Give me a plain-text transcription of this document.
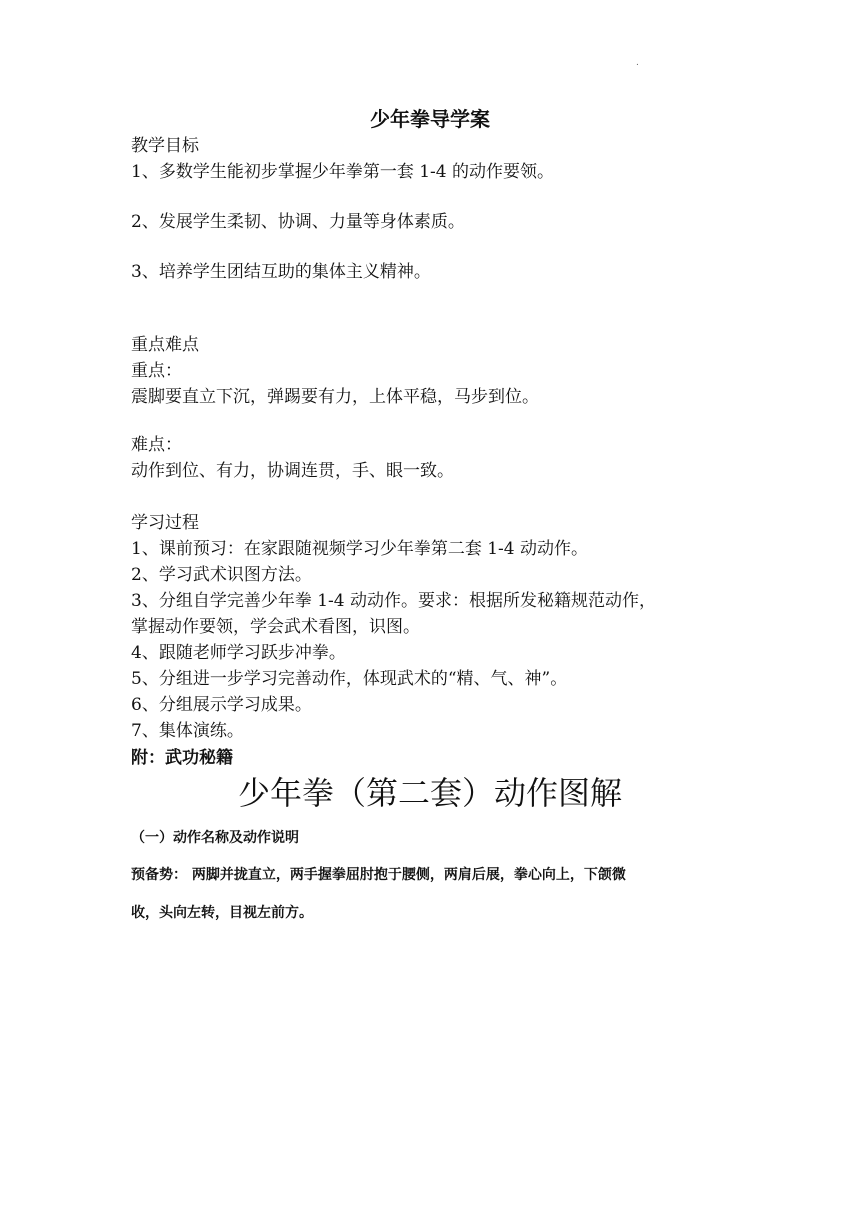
.
少年拳导学案
教学目标
1、多数学生能初步掌握少年拳第一套 1-4 的动作要领。
2、发展学生柔韧、协调、力量等身体素质。
3、培养学生团结互助的集体主义精神。
重点难点
重点：
震脚要直立下沉，弹踢要有力，上体平稳，马步到位。
难点：
动作到位、有力，协调连贯，手、眼一致。
学习过程
1、课前预习：在家跟随视频学习少年拳第二套 1-4 动动作。
2、学习武术识图方法。
3、分组自学完善少年拳 1-4 动动作。要求：根据所发秘籍规范动作，
掌握动作要领，学会武术看图，识图。
4、跟随老师学习跃步冲拳。
5、分组进一步学习完善动作，体现武术的“精、气、神”。
6、分组展示学习成果。
7、集体演练。
附：武功秘籍
少年拳（第二套）动作图解
（一）动作名称及动作说明
预备势： 两脚并拢直立，两手握拳屈肘抱于腰侧，两肩后展，拳心向上，下颌微
收，头向左转，目视左前方。
